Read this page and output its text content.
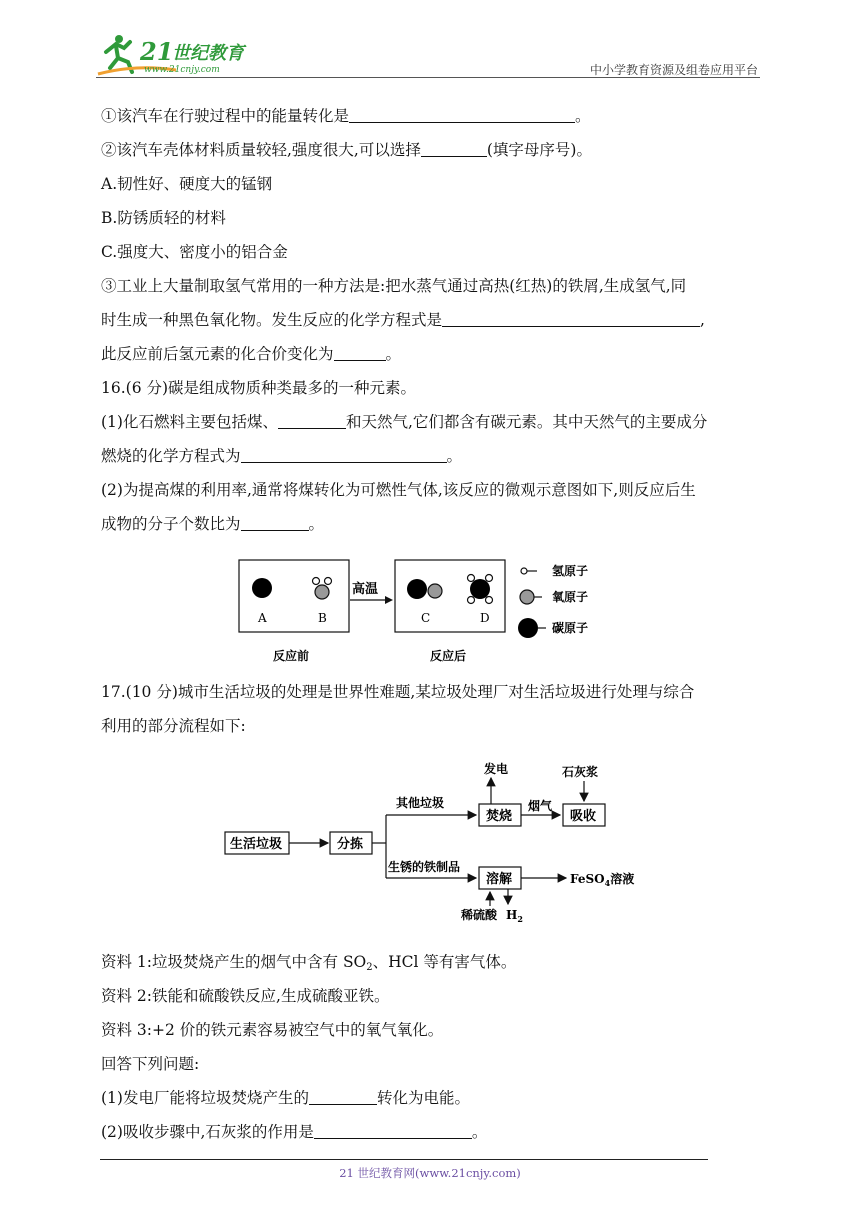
21
世纪教育
www.21cnjy.com	中小学教育资源及组卷应用平台
①该汽车在行驶过程中的能量转化是	。
②该汽车壳体材料质量较轻,强度很大,可以选择	(填字母序号)。
A.韧性好、硬度大的锰钢
B.防锈质轻的材料
C.强度大、密度小的铝合金
③工业上大量制取氢气常用的一种方法是:把水蒸气通过高热(红热)的铁屑,生成氢气,同
时生成一种黑色氧化物。发生反应的化学方程式是	,
此反应前后氢元素的化合价变化为	。
16.(6 分)碳是组成物质种类最多的一种元素。
(1)化石燃料主要包括煤、	和天然气,它们都含有碳元素。其中天然气的主要成分
燃烧的化学方程式为	。
(2)为提高煤的利用率,通常将煤转化为可燃性气体,该反应的微观示意图如下,则反应后生
成物的分子个数比为	。
A	B
高温
C	D
反应前	反应后
氢原子
氧原子
碳原子
17.(10 分)城市生活垃圾的处理是世界性难题,某垃圾处理厂对生活垃圾进行处理与综合
利用的部分流程如下:
生活垃圾	分拣
其他垃圾
生锈的铁制品
焚烧
发电
烟气
吸收
石灰浆
溶解	FeSO$_4$溶液
稀硫酸 $H_2$
资料 1:垃圾焚烧产生的烟气中含有 $SO_2$、HCl 等有害气体。
资料 2:铁能和硫酸铁反应,生成硫酸亚铁。
资料 3:+2 价的铁元素容易被空气中的氧气氧化。
回答下列问题:
(1)发电厂能将垃圾焚烧产生的	转化为电能。
(2)吸收步骤中,石灰浆的作用是	。
21 世纪教育网(www.21cnjy.com)
